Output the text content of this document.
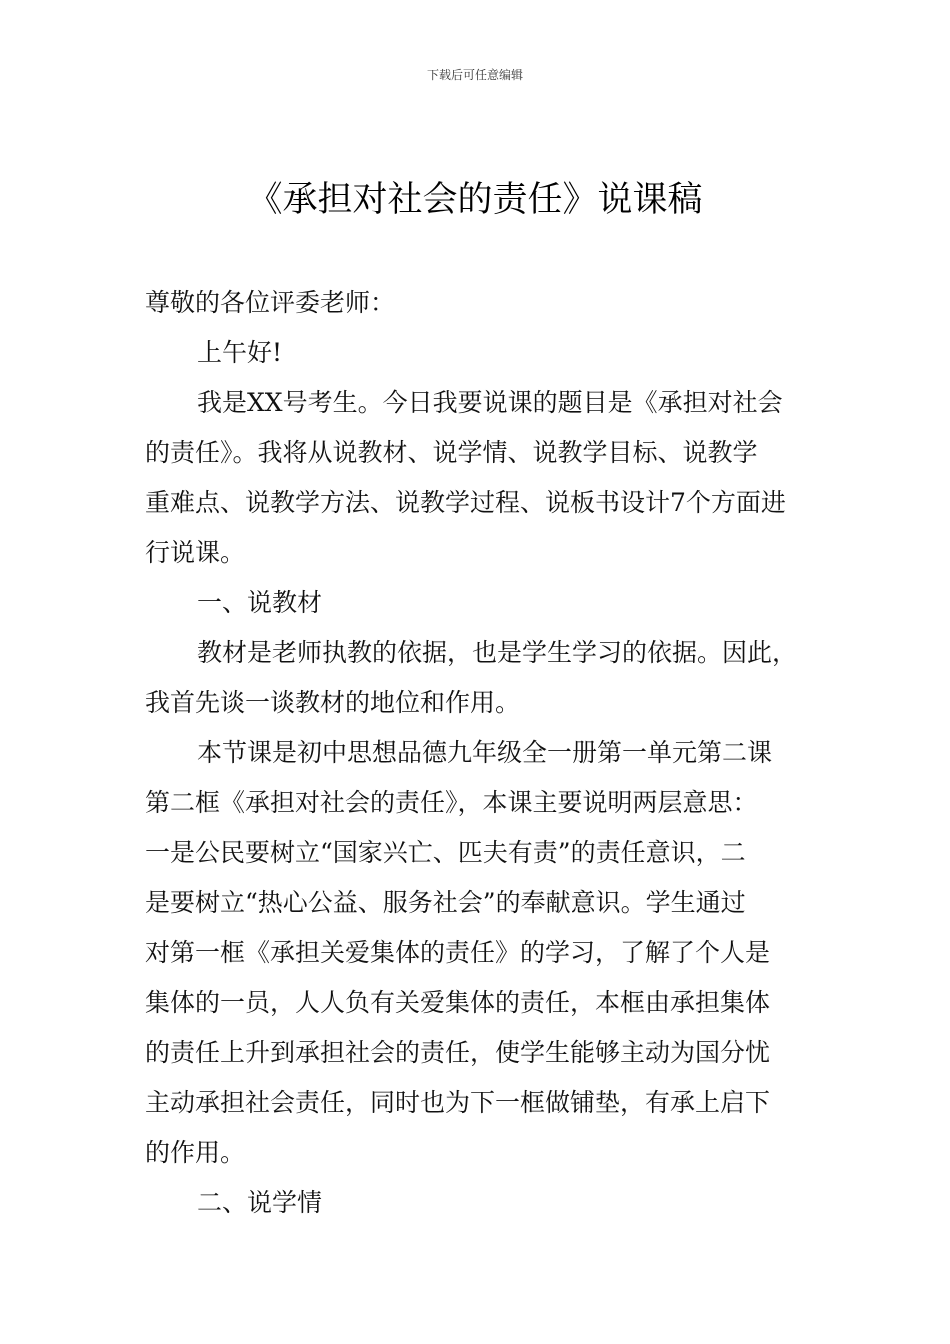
下载后可任意编辑
《承担对社会的责任》说课稿
尊敬的各位评委老师：
上午好!
我是XX号考生。今日我要说课的题目是《承担对社会
的责任》。我将从说教材、说学情、说教学目标、说教学
重难点、说教学方法、说教学过程、说板书设计7个方面进
行说课。
一、说教材
教材是老师执教的依据，也是学生学习的依据。因此，
我首先谈一谈教材的地位和作用。
本节课是初中思想品德九年级全一册第一单元第二课
第二框《承担对社会的责任》，本课主要说明两层意思：
一是公民要树立“国家兴亡、匹夫有责”的责任意识，二
是要树立“热心公益、服务社会”的奉献意识。学生通过
对第一框《承担关爱集体的责任》的学习，了解了个人是
集体的一员，人人负有关爱集体的责任，本框由承担集体
的责任上升到承担社会的责任，使学生能够主动为国分忧
主动承担社会责任，同时也为下一框做铺垫，有承上启下
的作用。
二、说学情
